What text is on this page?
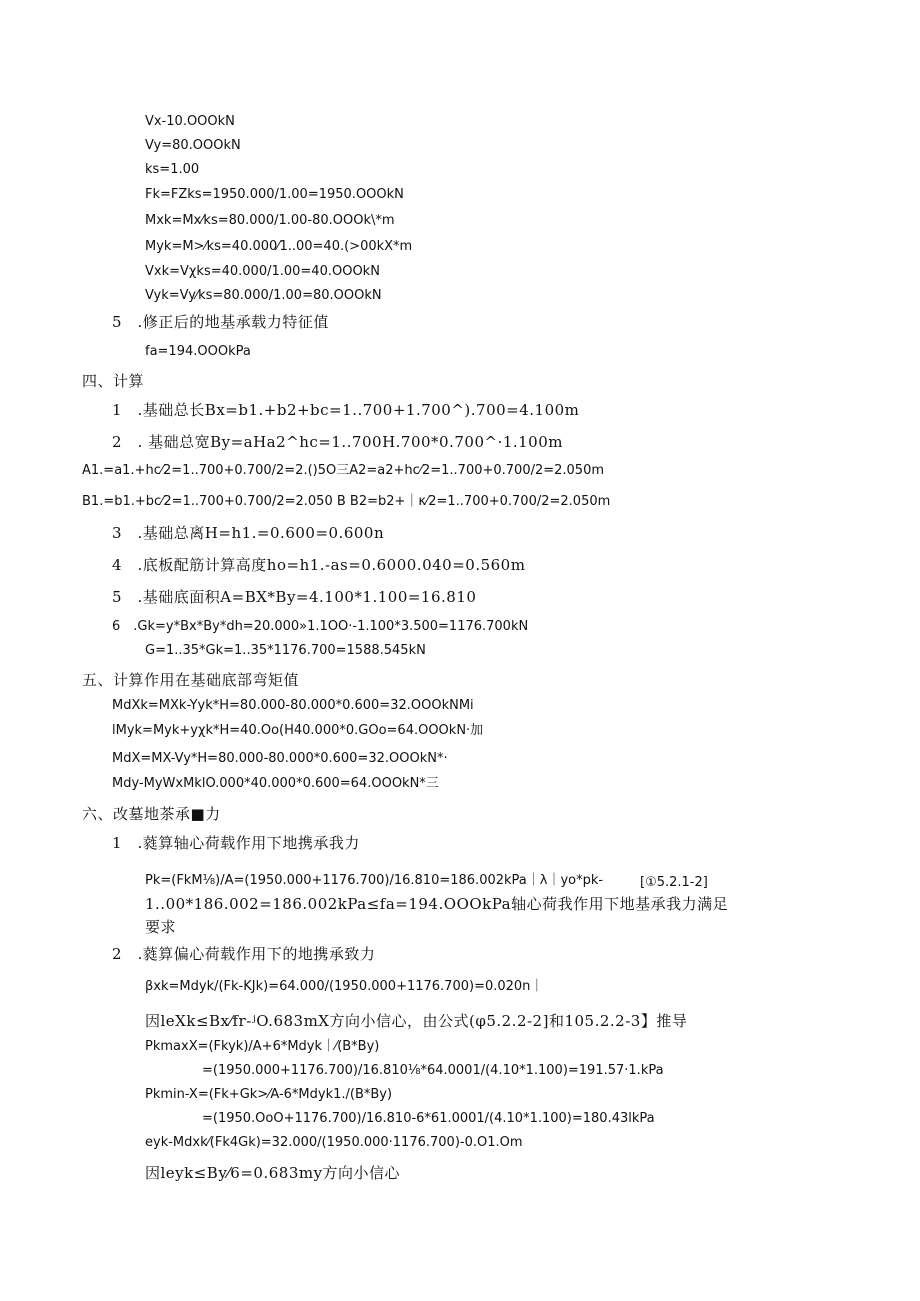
Vx-10.OOOkN
Vy=80.OOOkN
ks=1.00
Fk=FZks=1950.000/1.00=1950.OOOkN
Mxk=Mx⁄ks=80.000/1.00-80.OOOk\*m
Myk=M>⁄ks=40.000⁄1..00=40.(>00kX*m
Vxk=Vχks=40.000/1.00=40.OOOkN
Vyk=Vy⁄ks=80.000/1.00=80.OOOkN
5　.修正后的地基承载力特征值
fa=194.OOOkPa
四、计算
1　.基础总长Bx=b1.+b2+bc=1..700+1.700^).700=4.100m
2　. 基础总宽By=aHa2^hc=1..700H.700*0.700^·1.100m
A1.=a1.+hc⁄2=1..700+0.700/2=2.()5O三A2=a2+hc⁄2=1..700+0.700/2=2.050m
B1.=b1.+bc⁄2=1..700+0.700/2=2.050 B B2=b2+｜κ⁄2=1..700+0.700/2=2.050m
3　.基础总离H=h1.=0.600=0.600n
4　.底板配筋计算高度ho=h1.-as=0.6000.040=0.560m
5　.基础底面积A=BX*By=4.100*1.100=16.810
6　.Gk=y*Bx*By*dh=20.000»1.1OO·-1.100*3.500=1176.700kN
G=1..35*Gk=1..35*1176.700=1588.545kN
五、计算作用在基础底部弯矩值
MdXk=MXk-Yyk*H=80.000-80.000*0.600=32.OOOkNMi
lMyk=Myk+yχk*H=40.Oo(H40.000*0.GOo=64.OOOkN·加
MdX=MX-Vy*H=80.000-80.000*0.600=32.OOOkN*·
Mdy-MyWxMklO.000*40.000*0.600=64.OOOkN*三
六、改墓地茶承■力
1　.蕤算轴心荷载作用下地携承我力
Pk=(FkM⅛)/A=(1950.000+1176.700)/16.810=186.002kPa｜λ｜yo*pk-	[①5.2.1-2]
1..00*186.002=186.002kPa≤fa=194.OOOkPa轴心荷我作用下地基承我力满足
要求
2　.蕤算偏心荷载作用下的地携承致力
βxk=Mdyk/(Fk-KJk)=64.000/(1950.000+1176.700)=0.020n｜
因leXk≤Bx⁄fr-ʲO.683mX方向小信心，由公式(φ5.2.2-2]和105.2.2-3】推导
PkmaxX=(Fkyk)/A+6*Mdyk｜⁄(B*By)
=(1950.000+1176.700)/16.810⅛*64.0001/(4.10*1.100)=191.57·1.kPa
Pkmin-X=(Fk+Gk>⁄A-6*Mdyk1./(B*By)
=(1950.OoO+1176.700)/16.810-6*61.0001/(4.10*1.100)=180.43lkPa
eyk-Mdxk⁄(Fk4Gk)=32.000/(1950.000·1176.700)-0.O1.Om
因leyk≤By⁄6=0.683my方向小信心
